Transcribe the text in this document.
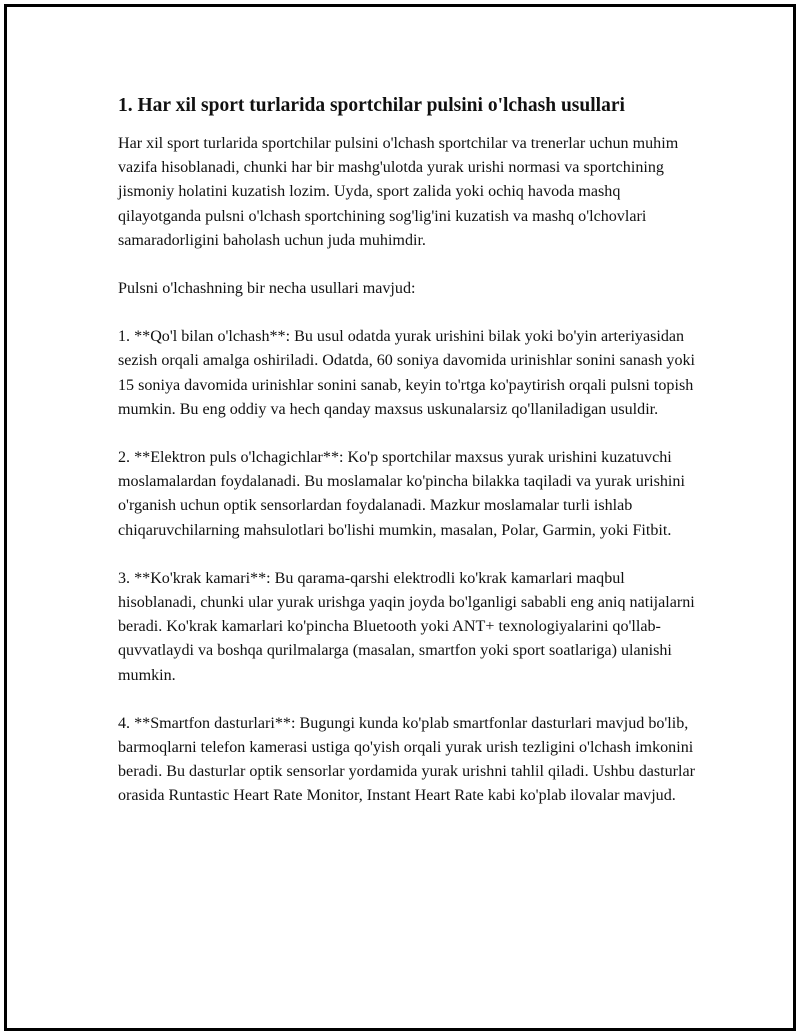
1. Har xil sport turlarida sportchilar pulsini o'lchash usullari

Har xil sport turlarida sportchilar pulsini o'lchash sportchilar va trenerlar uchun muhim vazifa hisoblanadi, chunki har bir mashg'ulotda yurak urishi normasi va sportchining jismoniy holatini kuzatish lozim. Uyda, sport zalida yoki ochiq havoda mashq qilayotganda pulsni o'lchash sportchining sog'lig'ini kuzatish va mashq o'lchovlari samaradorligini baholash uchun juda muhimdir.

Pulsni o'lchashning bir necha usullari mavjud:

1. **Qo'l bilan o'lchash**: Bu usul odatda yurak urishini bilak yoki bo'yin arteriyasidan sezish orqali amalga oshiriladi. Odatda, 60 soniya davomida urinishlar sonini sanash yoki 15 soniya davomida urinishlar sonini sanab, keyin to'rtga ko'paytirish orqali pulsni topish mumkin. Bu eng oddiy va hech qanday maxsus uskunalarsiz qo'llaniladigan usuldir.

2. **Elektron puls o'lchagichlar**: Ko'p sportchilar maxsus yurak urishini kuzatuvchi moslamalardan foydalanadi. Bu moslamalar ko'pincha bilakka taqiladi va yurak urishini o'rganish uchun optik sensorlardan foydalanadi. Mazkur moslamalar turli ishlab chiqaruvchilarning mahsulotlari bo'lishi mumkin, masalan, Polar, Garmin, yoki Fitbit.

3. **Ko'krak kamari**: Bu qarama-qarshi elektrodli ko'krak kamarlari maqbul hisoblanadi, chunki ular yurak urishga yaqin joyda bo'lganligi sababli eng aniq natijalarni beradi. Ko'krak kamarlari ko'pincha Bluetooth yoki ANT+ texnologiyalarini qo'llab-quvvatlaydi va boshqa qurilmalarga (masalan, smartfon yoki sport soatlariga) ulanishi mumkin.

4. **Smartfon dasturlari**: Bugungi kunda ko'plab smartfonlar dasturlari mavjud bo'lib, barmoqlarni telefon kamerasi ustiga qo'yish orqali yurak urish tezligini o'lchash imkonini beradi. Bu dasturlar optik sensorlar yordamida yurak urishni tahlil qiladi. Ushbu dasturlar orasida Runtastic Heart Rate Monitor, Instant Heart Rate kabi ko'plab ilovalar mavjud.
